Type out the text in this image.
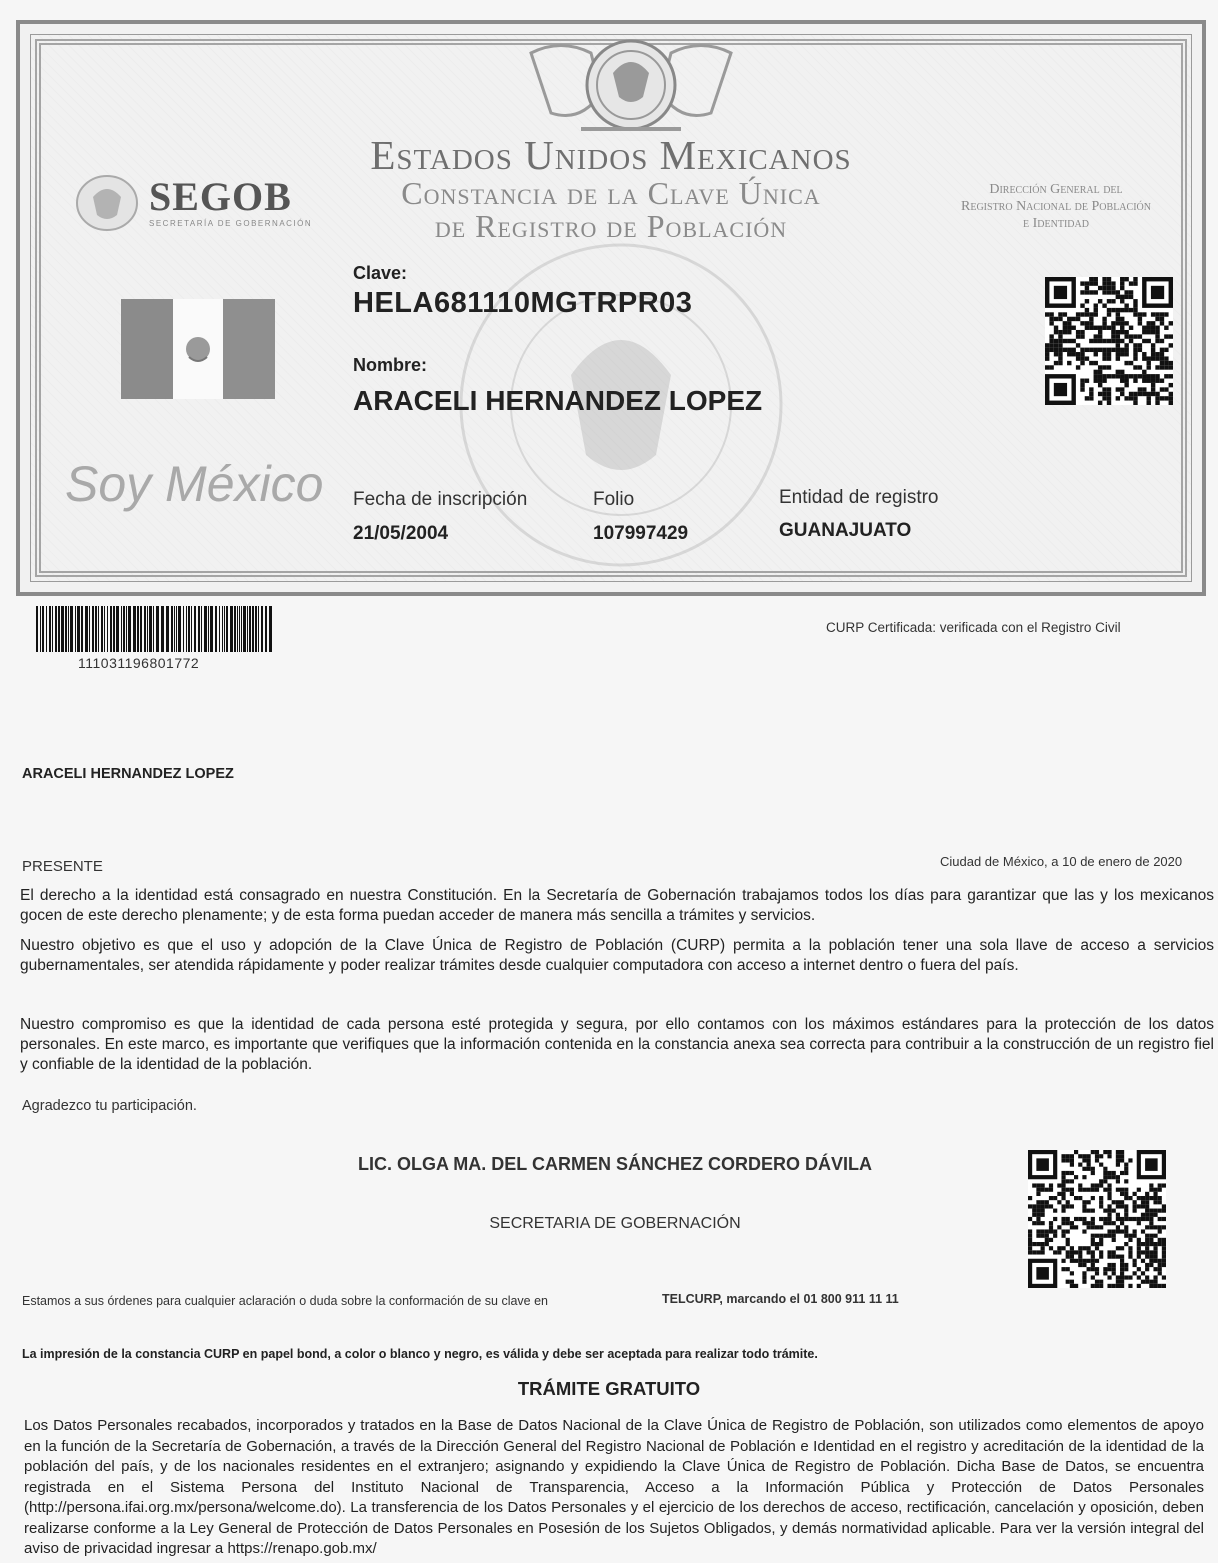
Estados Unidos Mexicanos
Constancia de la Clave Única
de Registro de Población
SEGOB
SECRETARÍA DE GOBERNACIÓN
Dirección General del
Registro Nacional de Población
e Identidad
Soy México
Clave:
HELA681110MGTRPR03
Nombre:
ARACELI HERNANDEZ LOPEZ
Fecha de inscripción
21/05/2004
Folio
107997429
Entidad de registro
GUANAJUATO
111031196801772
CURP Certificada: verificada con el Registro Civil
ARACELI HERNANDEZ LOPEZ
PRESENTE	Ciudad de México, a 10 de enero de 2020
El derecho a la identidad está consagrado en nuestra Constitución. En la Secretaría de Gobernación trabajamos todos los días para garantizar que las y los mexicanos gocen de este derecho plenamente; y de esta forma puedan acceder de manera más sencilla a trámites y servicios.
Nuestro objetivo es que el uso y adopción de la Clave Única de Registro de Población (CURP) permita a la población tener una sola llave de acceso a servicios gubernamentales, ser atendida rápidamente y poder realizar trámites desde cualquier computadora con acceso a internet dentro o fuera del país.
Nuestro compromiso es que la identidad de cada persona esté protegida y segura, por ello contamos con los máximos estándares para la protección de los datos personales. En este marco, es importante que verifiques que la información contenida en la constancia anexa sea correcta para contribuir a la construcción de un registro fiel y confiable de la identidad de la población.
Agradezco tu participación.
LIC. OLGA MA. DEL CARMEN SÁNCHEZ CORDERO DÁVILA
SECRETARIA DE GOBERNACIÓN
Estamos a sus órdenes para cualquier aclaración o duda sobre la conformación de su clave en	TELCURP, marcando el 01 800 911 11 11
La impresión de la constancia CURP en papel bond, a color o blanco y negro, es válida y debe ser aceptada para realizar todo trámite.
TRÁMITE GRATUITO
Los Datos Personales recabados, incorporados y tratados en la Base de Datos Nacional de la Clave Única de Registro de Población, son utilizados como elementos de apoyo en la función de la Secretaría de Gobernación, a través de la Dirección General del Registro Nacional de Población e Identidad en el registro y acreditación de la identidad de la población del país, y de los nacionales residentes en el extranjero; asignando y expidiendo la Clave Única de Registro de Población. Dicha Base de Datos, se encuentra registrada en el Sistema Persona del Instituto Nacional de Transparencia, Acceso a la Información Pública y Protección de Datos Personales (http://persona.ifai.org.mx/persona/welcome.do). La transferencia de los Datos Personales y el ejercicio de los derechos de acceso, rectificación, cancelación y oposición, deben realizarse conforme a la Ley General de Protección de Datos Personales en Posesión de los Sujetos Obligados, y demás normatividad aplicable. Para ver la versión integral del aviso de privacidad ingresar a https://renapo.gob.mx/
